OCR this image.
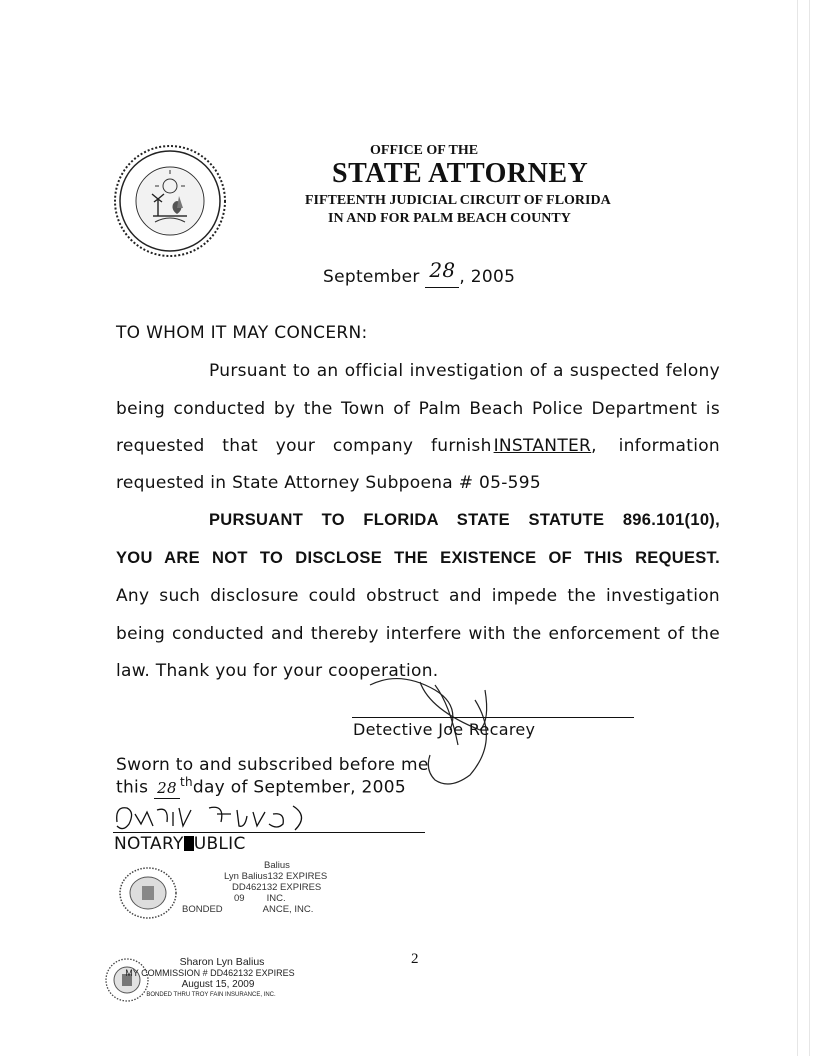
OFFICE OF THE
STATE ATTORNEY
FIFTEENTH JUDICIAL CIRCUIT OF FLORIDA
IN AND FOR PALM BEACH COUNTY
September 28 , 2005
TO WHOM IT MAY CONCERN:
Pursuant to an official investigation of a suspected felony
being conducted by the Town of Palm Beach Police Department is
requested that your company furnish INSTANTER, information
requested in State Attorney Subpoena # 05-595
PURSUANT TO FLORIDA STATE STATUTE 896.101(10),
YOU ARE NOT TO DISCLOSE THE EXISTENCE OF THIS REQUEST.
Any such disclosure could obstruct and impede the investigation
being conducted and thereby interfere with the enforcement of the
law. Thank you for your cooperation.
Detective Joe Recarey
Sworn to and subscribed before me
this 28 $^{th}$day of September, 2005
NOTARY UBLIC
Balius
Lyn Balius132 EXPIRES
DD462132 EXPIRES
09 INC.
BONDED	ANCE, INC.
Sharon Lyn Balius
MY COMMISSION # DD462132 EXPIRES
August 15, 2009
BONDED THRU TROY FAIN INSURANCE, INC.
2
